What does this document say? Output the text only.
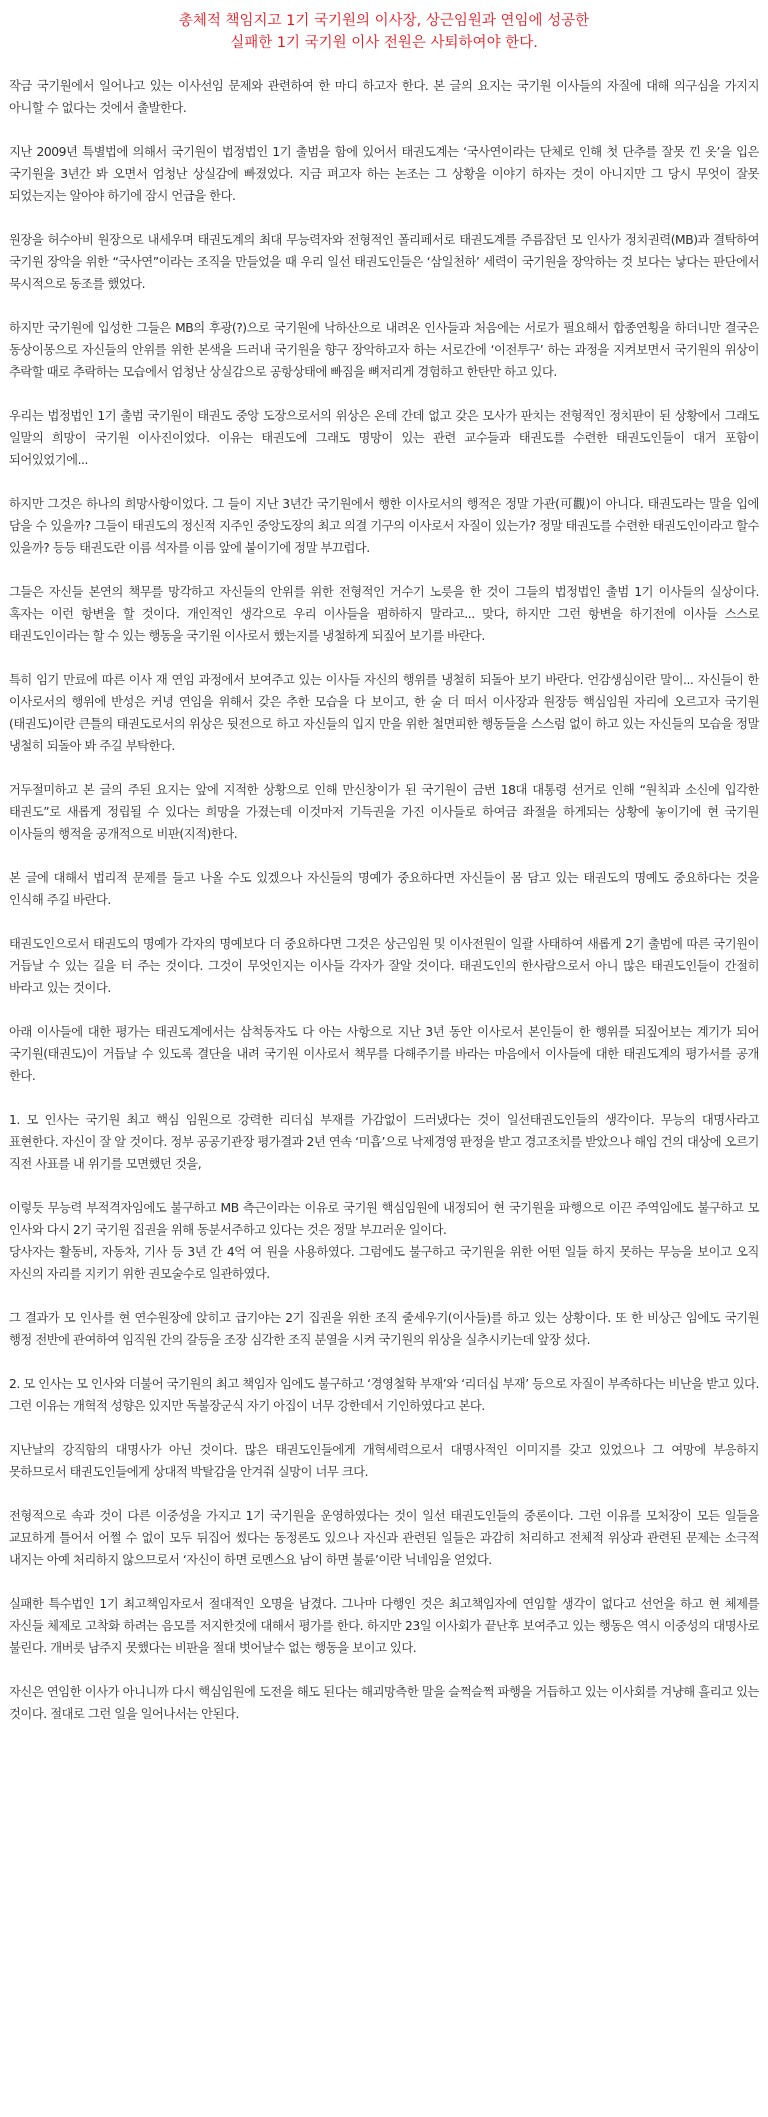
총체적 책임지고 1기 국기원의 이사장, 상근임원과 연임에 성공한
실패한 1기 국기원 이사 전원은 사퇴하여야 한다.

작금 국기원에서 일어나고 있는 이사선임 문제와 관련하여 한 마디 하고자 한다. 본 글의 요지는 국기원 이사들의 자질에 대해 의구심을 가지지 아니할 수 없다는 것에서 출발한다.

지난 2009년 특별법에 의해서 국기원이 법정법인 1기 출범을 함에 있어서 태권도계는 ‘국사연이라는 단체로 인해 첫 단추를 잘못 낀 옷’을 입은 국기원을 3년간 봐 오면서 엄청난 상실감에 빠졌었다. 지금 펴고자 하는 논조는 그 상황을 이야기 하자는 것이 아니지만 그 당시 무엇이 잘못 되었는지는 알아야 하기에 잠시 언급을 한다.

원장을 허수아비 원장으로 내세우며 태권도계의 최대 무능력자와 전형적인 폴리페서로 태권도계를 주름잡던 모 인사가 정치권력(MB)과 결탁하여 국기원 장악을 위한 “국사연”이라는 조직을 만들었을 때 우리 일선 태권도인들은 ‘삼일천하’ 세력이 국기원을 장악하는 것 보다는 낳다는 판단에서 묵시적으로 동조를 했었다.

하지만 국기원에 입성한 그들은 MB의 후광(?)으로 국기원에 낙하산으로 내려온 인사들과 처음에는 서로가 필요해서 합종연횡을 하더니만 결국은 동상이몽으로 자신들의 안위를 위한 본색을 드러내 국기원을 향구 장악하고자 하는 서로간에 ‘이전투구’ 하는 과정을 지켜보면서 국기원의 위상이 추락할 때로 추락하는 모습에서 엄청난 상실감으로 공항상태에 빠짐을 뼈저리게 경험하고 한탄만 하고 있다.

우리는 법정법인 1기 출범 국기원이 태권도 중앙 도장으로서의 위상은 온데 간데 없고 갖은 모사가 판치는 전형적인 정치판이 된 상황에서 그래도 일말의 희망이 국기원 이사진이었다. 이유는 태권도에 그래도 명망이 있는 관련 교수들과 태권도를 수련한 태권도인들이 대거 포함이 되어있었기에...

하지만 그것은 하나의 희망사항이었다. 그 들이 지난 3년간 국기원에서 행한 이사로서의 행적은 정말 가관(可觀)이 아니다. 태권도라는 말을 입에 담을 수 있을까? 그들이 태권도의 정신적 지주인 중앙도장의 최고 의결 기구의 이사로서 자질이 있는가? 정말 태권도를 수련한 태권도인이라고 할수 있을까? 등등 태권도란 이름 석자를 이름 앞에 붙이기에 정말 부끄럽다.

그들은 자신들 본연의 책무를 망각하고 자신들의 안위를 위한 전형적인 거수기 노릇을 한 것이 그들의 법정법인 출범 1기 이사들의 실상이다. 혹자는 이런 항변을 할 것이다. 개인적인 생각으로 우리 이사들을 폄하하지 말라고... 맞다, 하지만 그런 항변을 하기전에 이사들 스스로 태권도인이라는 할 수 있는 행동을 국기원 이사로서 했는지를 냉철하게 되짚어 보기를 바란다.

특히 임기 만료에 따른 이사 재 연임 과정에서 보여주고 있는 이사들 자신의 행위를 냉철히 되돌아 보기 바란다. 언감생심이란 말이... 자신들이 한 이사로서의 행위에 반성은 커녕 연임을 위해서 갖은 추한 모습을 다 보이고, 한 술 더 떠서 이사장과 원장등 핵심임원 자리에 오르고자 국기원(태권도)이란 큰틀의 태권도로서의 위상은 뒷전으로 하고 자신들의 입지 만을 위한 철면피한 행동들을 스스럼 없이 하고 있는 자신들의 모습을 정말 냉철히 되돌아 봐 주길 부탁한다.

거두절미하고 본 글의 주된 요지는 앞에 지적한 상황으로 인해 만신창이가 된 국기원이 금번 18대 대통령 선거로 인해 “원칙과 소신에 입각한 태권도”로 새롭게 정립될 수 있다는 희망을 가졌는데 이것마저 기득권을 가진 이사들로 하여금 좌절을 하게되는 상황에 놓이기에 현 국기원 이사들의 행적을 공개적으로 비판(지적)한다.

본 글에 대해서 법리적 문제를 들고 나올 수도 있겠으나 자신들의 명예가 중요하다면 자신들이 몸 담고 있는 태권도의 명예도 중요하다는 것을 인식해 주길 바란다.

태권도인으로서 태권도의 명예가 각자의 명예보다 더 중요하다면 그것은 상근임원 및 이사전원이 일괄 사태하여 새롭게 2기 출범에 따른 국기원이 거듭날 수 있는 길을 터 주는 것이다. 그것이 무엇인지는 이사들 각자가 잘알 것이다. 태권도인의 한사람으로서 아니 많은 태권도인들이 간절히 바라고 있는 것이다.

아래 이사들에 대한 평가는 태권도계에서는 삼척동자도 다 아는 사항으로 지난 3년 동안 이사로서 본인들이 한 행위를 되짚어보는 계기가 되어 국기원(태권도)이 거듭날 수 있도록 결단을 내려 국기원 이사로서 책무를 다해주기를 바라는 마음에서 이사들에 대한 태권도계의 평가서를 공개 한다.

1. 모 인사는 국기원 최고 핵심 임원으로 강력한 리더십 부재를 가감없이 드러냈다는 것이 일선태권도인들의 생각이다. 무능의 대명사라고 표현한다. 자신이 잘 알 것이다. 정부 공공기관장 평가결과 2년 연속 ‘미흡’으로 낙제경영 판정을 받고 경고조치를 받았으나 해임 건의 대상에 오르기 직전 사표를 내 위기를 모면했던 것을,

이렇듯 무능력 부적격자임에도 불구하고 MB 측근이라는 이유로 국기원 핵심임원에 내정되어 현 국기원을 파행으로 이끈 주역임에도 불구하고 모 인사와 다시 2기 국기원 집권을 위해 동분서주하고 있다는 것은 정말 부끄러운 일이다.

당사자는 활동비, 자동차, 기사 등 3년 간 4억 여 원을 사용하였다. 그럼에도 불구하고 국기원을 위한 어떤 일들 하지 못하는 무능을 보이고 오직 자신의 자리를 지키기 위한 권모술수로 일관하였다.

그 결과가 모 인사를 현 연수원장에 앉히고 급기야는 2기 집권을 위한 조직 줄세우기(이사들)를 하고 있는 상황이다. 또 한 비상근 임에도 국기원 행정 전반에 관여하여 임직원 간의 갈등을 조장 심각한 조직 분열을 시켜 국기원의 위상을 실추시키는데 앞장 섰다.

2. 모 인사는 모 인사와 더불어 국기원의 최고 책임자 임에도 불구하고 ‘경영철학 부재’와 ‘리더십 부재’ 등으로 자질이 부족하다는 비난을 받고 있다. 그런 이유는 개혁적 성향은 있지만 독불장군식 자기 아집이 너무 강한데서 기인하였다고 본다.

지난날의 강직함의 대명사가 아닌 것이다. 많은 태권도인들에게 개혁세력으로서 대명사적인 이미지를 갖고 있었으나 그 여망에 부응하지 못하므로서 태권도인들에게 상대적 박탈감을 안겨줘 실망이 너무 크다.

전형적으로 속과 것이 다른 이중성을 가지고 1기 국기원을 운영하였다는 것이 일선 태권도인들의 중론이다. 그런 이유를 모처장이 모든 일들을 교묘하게 틀어서 어쩔 수 없이 모두 뒤집어 썼다는 동정론도 있으나 자신과 관련된 일들은 과감히 처리하고 전체적 위상과 관련된 문제는 소극적 내지는 아예 처리하지 않으므로서 ‘자신이 하면 로멘스요 남이 하면 불륜’이란 닉네임을 얻었다.

실패한 특수법인 1기 최고책임자로서 절대적인 오명을 남겼다. 그나마 다행인 것은 최고책임자에 연임할 생각이 없다고 선언을 하고 현 체제를 자신들 체제로 고착화 하려는 음모를 저지한것에 대해서 평가를 한다. 하지만 23일 이사회가 끝난후 보여주고 있는 행동은 역시 이중성의 대명사로 불린다. 개버릇 남주지 못했다는 비판을 절대 벗어날수 없는 행동을 보이고 있다.

자신은 연임한 이사가 아니니까 다시 핵심임원에 도전을 해도 된다는 해괴망측한 말을 슬쩍슬쩍 파행을 거듭하고 있는 이사회를 겨냥해 흘리고 있는 것이다. 절대로 그런 일을 일어나서는 안된다.
